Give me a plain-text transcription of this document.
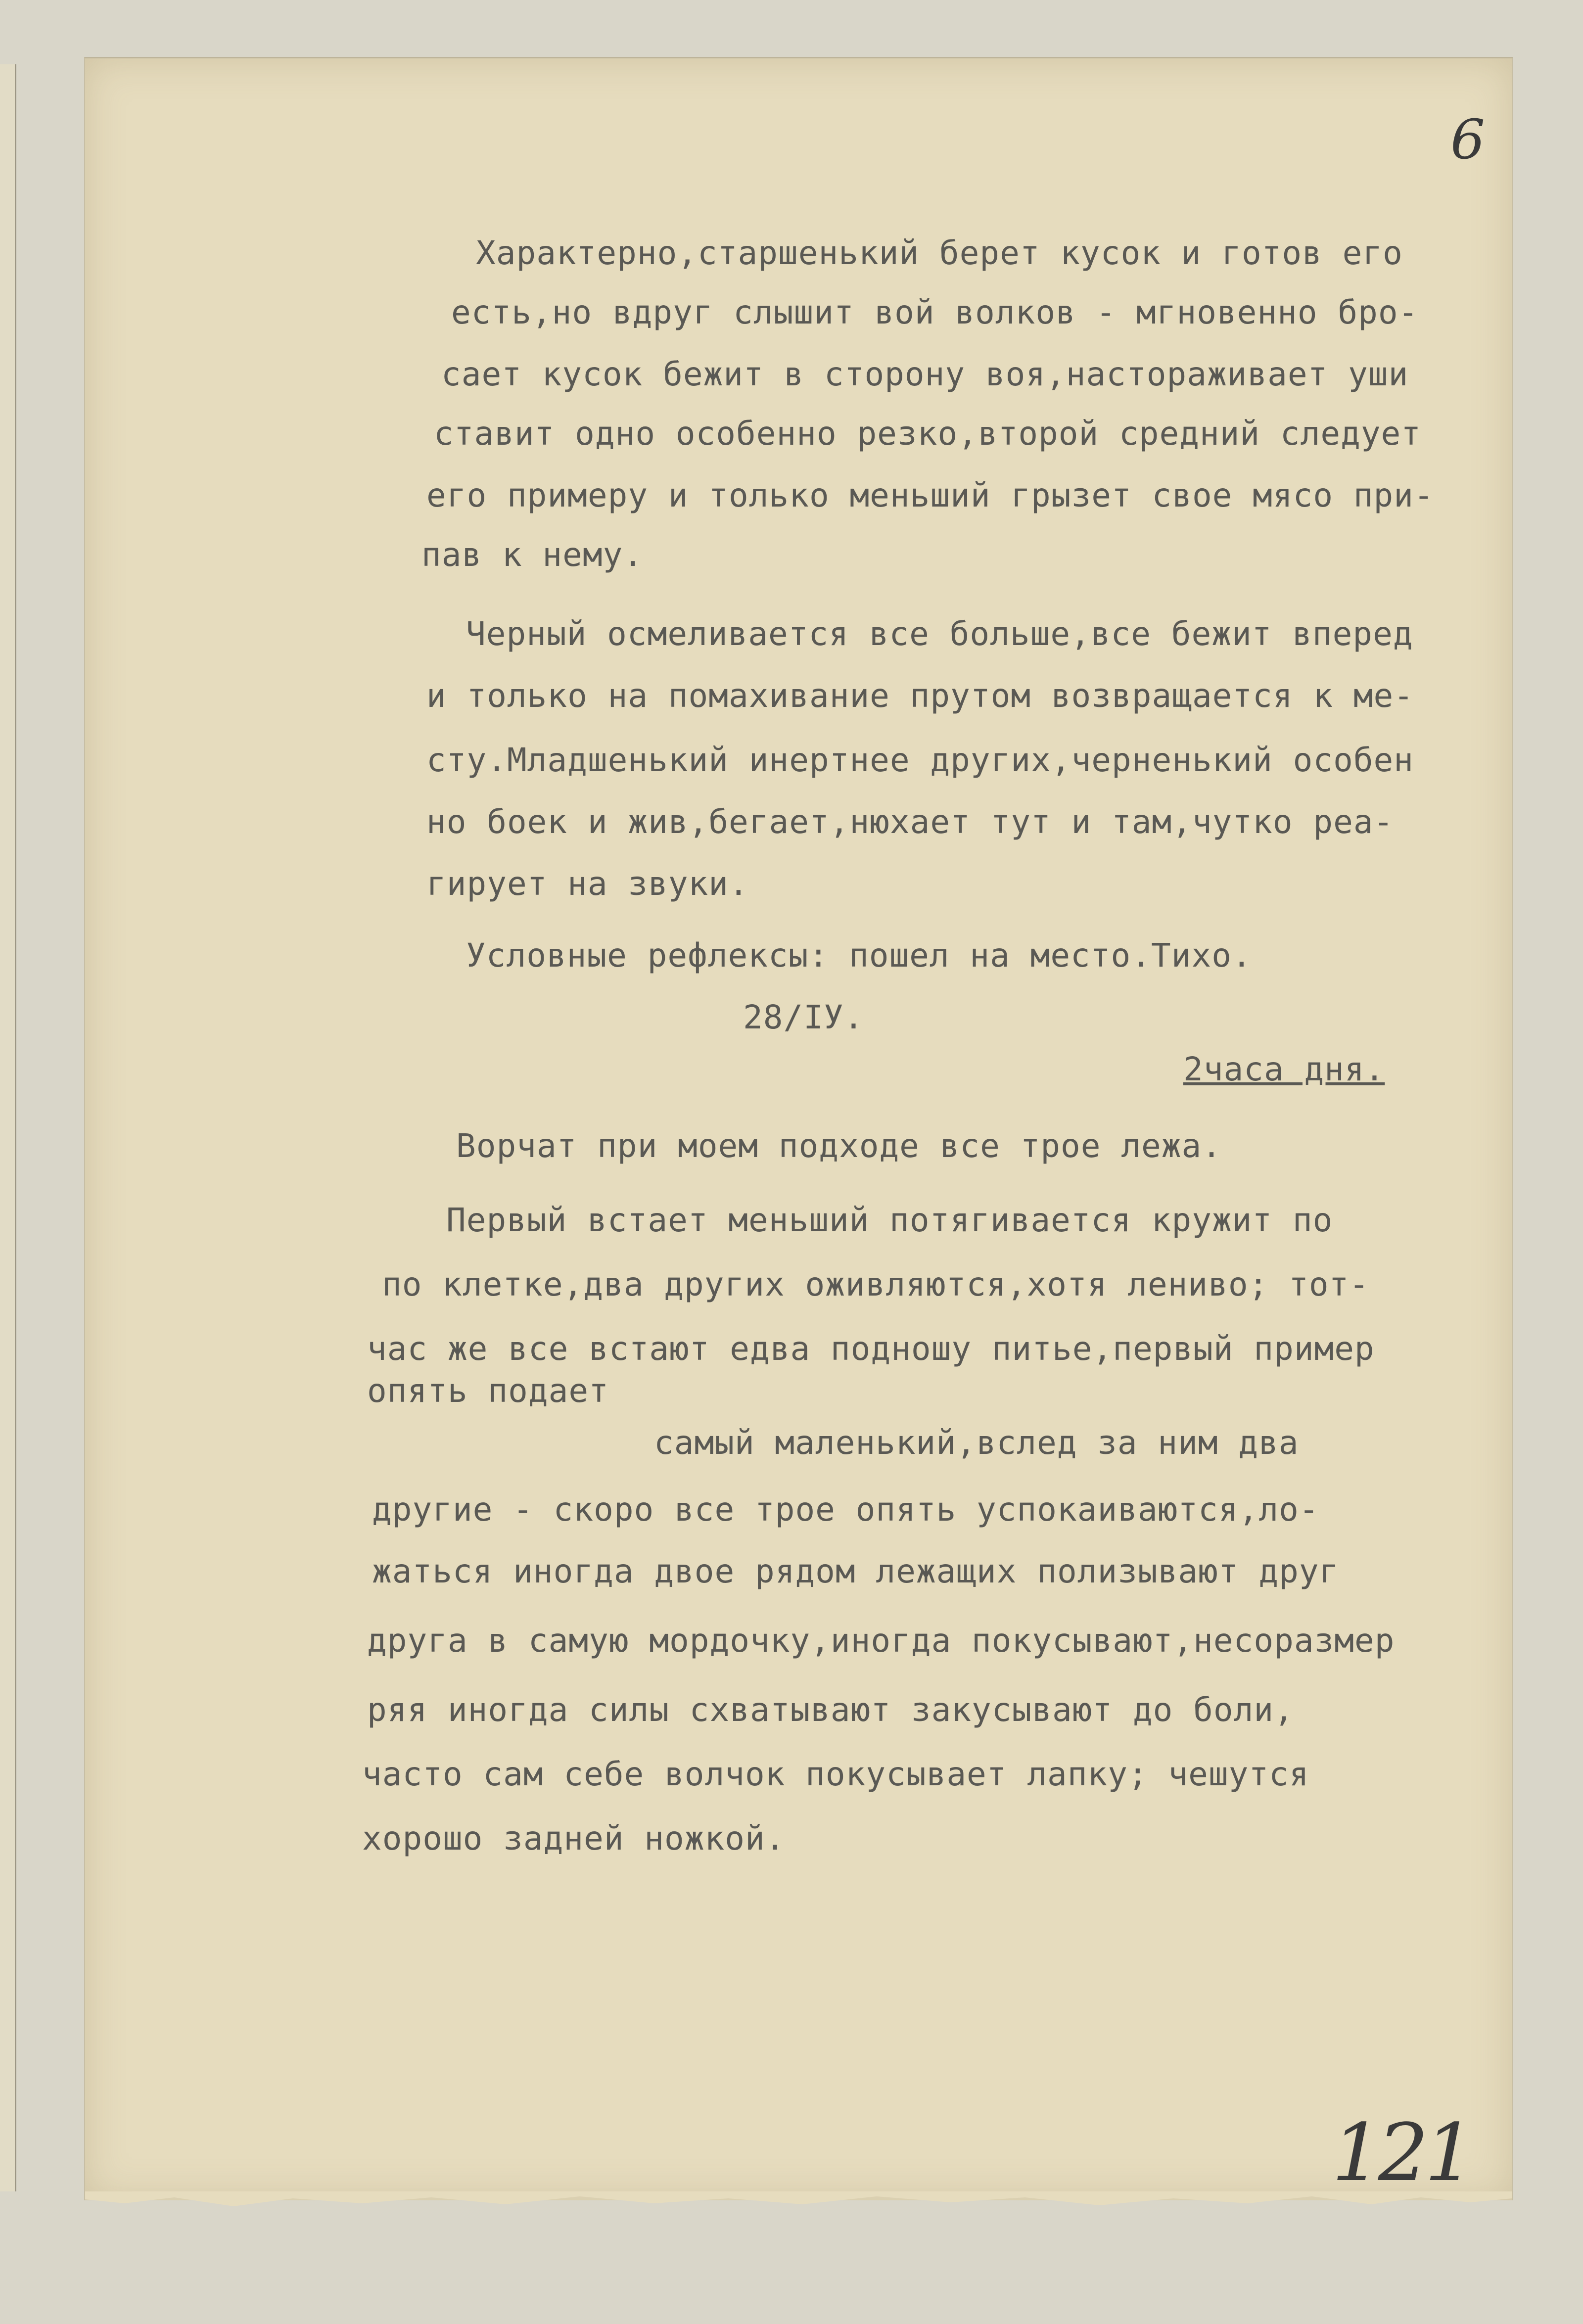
6

Характерно,старшенький берет кусок и готов его

есть,но вдруг слышит вой волков - мгновенно бро-

сает кусок бежит в сторону воя,настораживает уши

ставит одно особенно резко,второй средний следует

его примеру и только меньший грызет свое мясо при-

пав к нему.

Черный осмеливается все больше,все бежит вперед

и только на помахивание прутом возвращается к ме-

сту.Младшенький инертнее других,черненький особен

но боек и жив,бегает,нюхает тут и там,чутко реа-

гирует на звуки.

Условные рефлексы: пошел на место.Тихо.

28/IУ.

2часа дня.

Ворчат при моем подходе все трое лежа.

Первый встает меньший потягивается кружит по

по клетке,два других оживляются,хотя лениво; тот-

час же все встают едва подношу питье,первый пример

опять подает

самый маленький,вслед за ним два

другие - скоро все трое опять успокаиваются,ло-

жаться иногда двое рядом лежащих полизывают друг

друга в самую мордочку,иногда покусывают,несоразмер

ряя иногда силы схватывают закусывают до боли,

часто сам себе волчок покусывает лапку; чешутся

хорошо задней ножкой.

121
